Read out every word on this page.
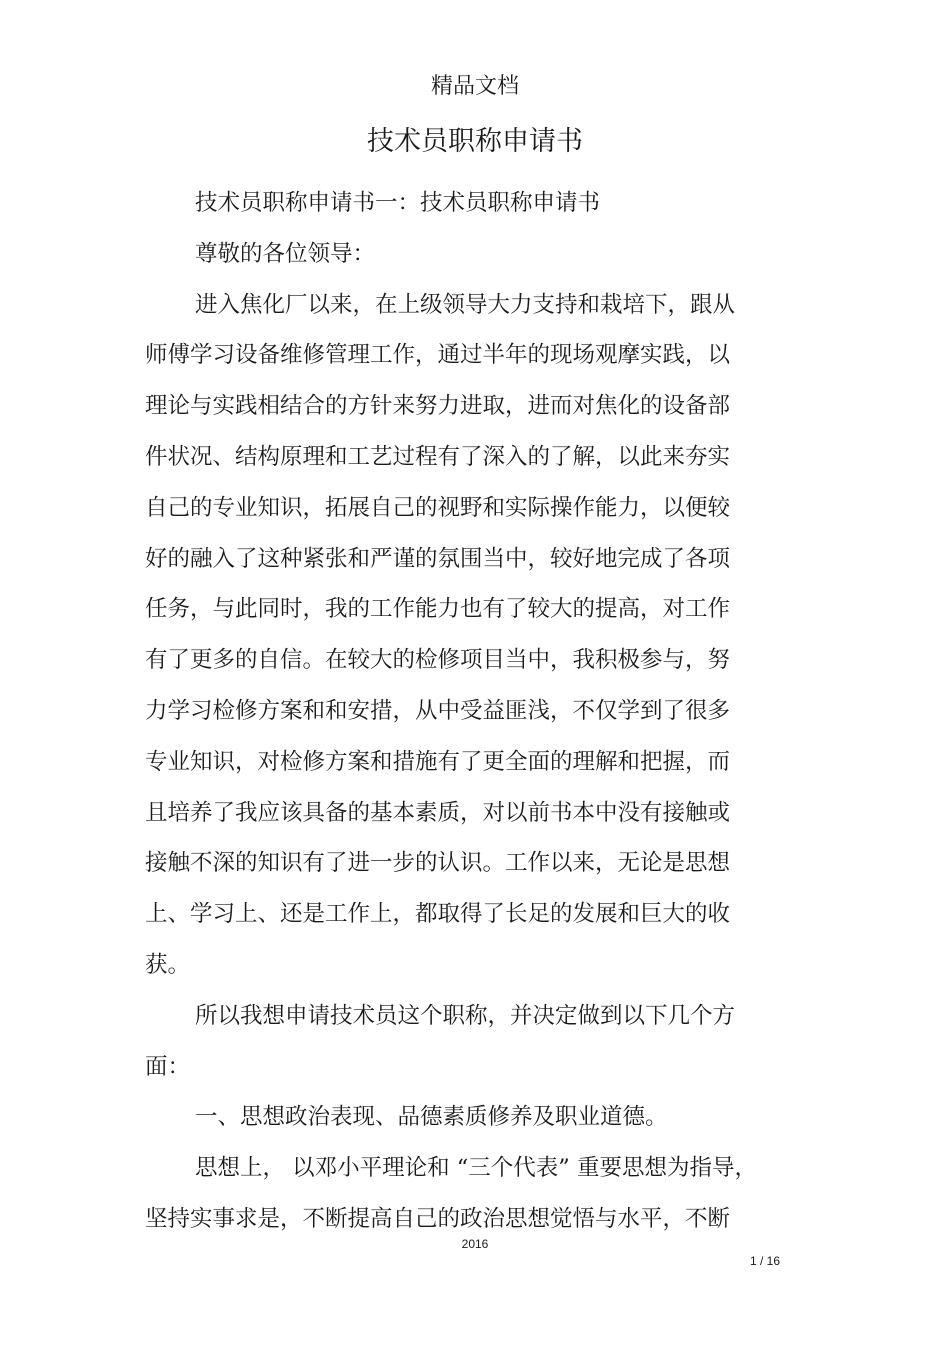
精品文档
技术员职称申请书

技术员职称申请书一：技术员职称申请书

尊敬的各位领导：

进入焦化厂以来，在上级领导大力支持和栽培下，跟从

师傅学习设备维修管理工作，通过半年的现场观摩实践，以

理论与实践相结合的方针来努力进取，进而对焦化的设备部

件状况、结构原理和工艺过程有了深入的了解，以此来夯实

自己的专业知识，拓展自己的视野和实际操作能力，以便较

好的融入了这种紧张和严谨的氛围当中，较好地完成了各项

任务，与此同时，我的工作能力也有了较大的提高，对工作

有了更多的自信。在较大的检修项目当中，我积极参与，努

力学习检修方案和和安措，从中受益匪浅，不仅学到了很多

专业知识，对检修方案和措施有了更全面的理解和把握，而

且培养了我应该具备的基本素质，对以前书本中没有接触或

接触不深的知识有了进一步的认识。工作以来，无论是思想

上、学习上、还是工作上，都取得了长足的发展和巨大的收

获。

所以我想申请技术员这个职称，并决定做到以下几个方

面：

一、思想政治表现、品德素质修养及职业道德。

思想上， 以邓小平理论和 “三个代表” 重要思想为指导，

坚持实事求是，不断提高自己的政治思想觉悟与水平，不断

2016
1 / 16
